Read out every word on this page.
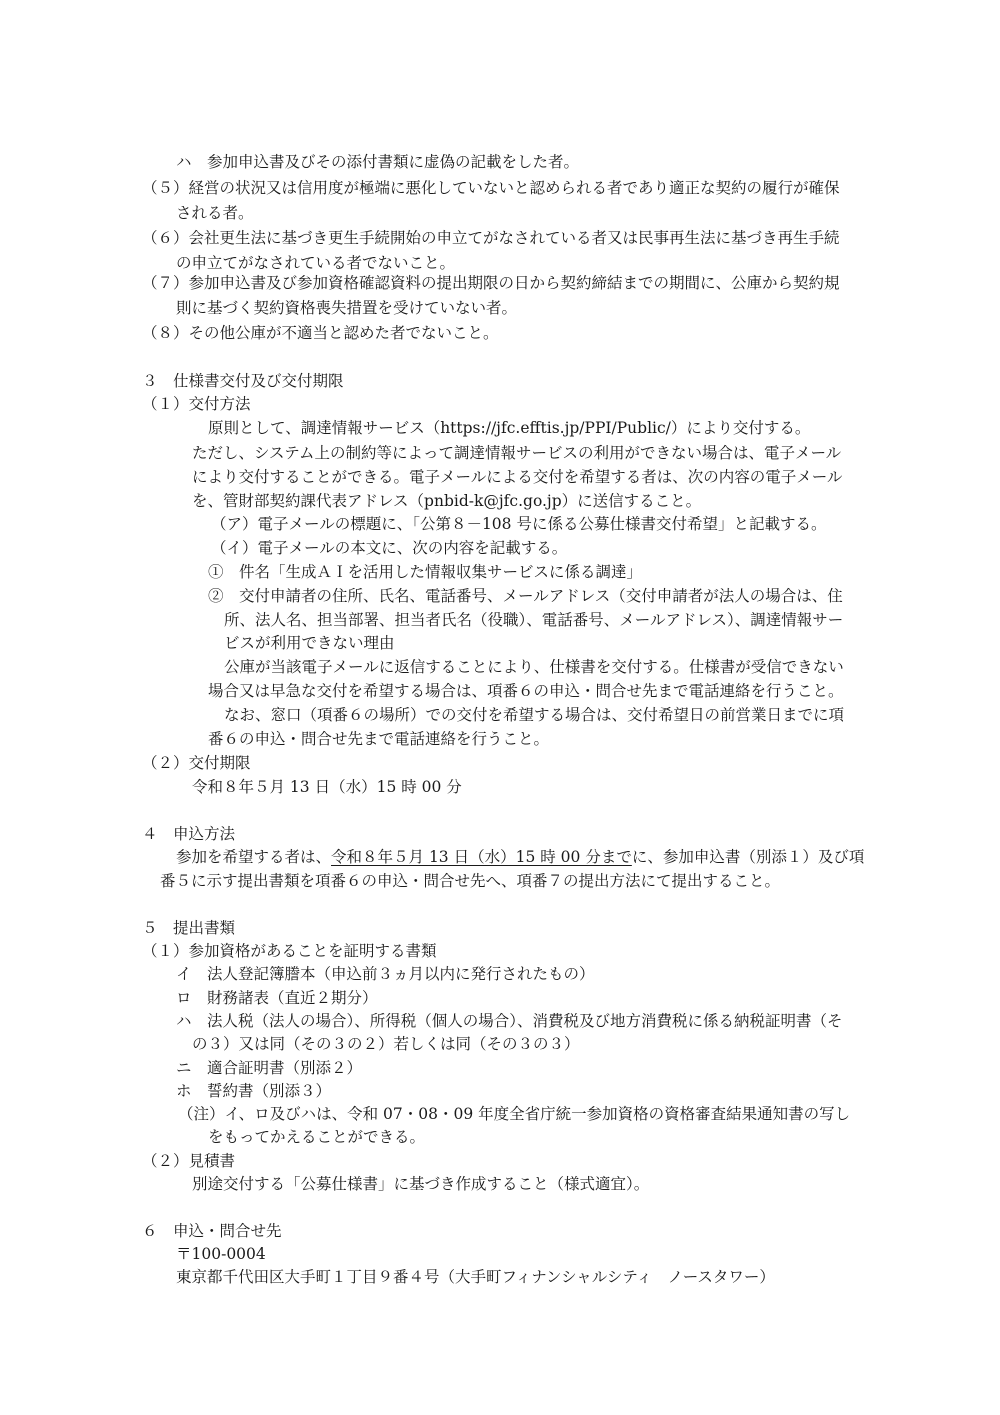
ハ　参加申込書及びその添付書類に虚偽の記載をした者。
（５）経営の状況又は信用度が極端に悪化していないと認められる者であり適正な契約の履行が確保
される者。
（６）会社更生法に基づき更生手続開始の申立てがなされている者又は民事再生法に基づき再生手続
の申立てがなされている者でないこと。
（７）参加申込書及び参加資格確認資料の提出期限の日から契約締結までの期間に、公庫から契約規
則に基づく契約資格喪失措置を受けていない者。
（８）その他公庫が不適当と認めた者でないこと。
３　仕様書交付及び交付期限
（１）交付方法
原則として、調達情報サービス（https://jfc.efftis.jp/PPI/Public/）により交付する。
ただし、システム上の制約等によって調達情報サービスの利用ができない場合は、電子メール
により交付することができる。電子メールによる交付を希望する者は、次の内容の電子メール
を、管財部契約課代表アドレス（pnbid-k@jfc.go.jp）に送信すること。
（ア）電子メールの標題に、「公第８－108 号に係る公募仕様書交付希望」と記載する。
（イ）電子メールの本文に、次の内容を記載する。
①　件名「生成ＡＩを活用した情報収集サービスに係る調達」
②　交付申請者の住所、氏名、電話番号、メールアドレス（交付申請者が法人の場合は、住
所、法人名、担当部署、担当者氏名（役職）、電話番号、メールアドレス）、調達情報サー
ビスが利用できない理由
公庫が当該電子メールに返信することにより、仕様書を交付する。仕様書が受信できない
場合又は早急な交付を希望する場合は、項番６の申込・問合せ先まで電話連絡を行うこと。
なお、窓口（項番６の場所）での交付を希望する場合は、交付希望日の前営業日までに項
番６の申込・問合せ先まで電話連絡を行うこと。
（２）交付期限
令和８年５月 13 日（水）15 時 00 分
４　申込方法
参加を希望する者は、令和８年５月 13 日（水）15 時 00 分までに、参加申込書（別添１）及び項
番５に示す提出書類を項番６の申込・問合せ先へ、項番７の提出方法にて提出すること。
５　提出書類
（１）参加資格があることを証明する書類
イ　法人登記簿謄本（申込前３ヵ月以内に発行されたもの）
ロ　財務諸表（直近２期分）
ハ　法人税（法人の場合）、所得税（個人の場合）、消費税及び地方消費税に係る納税証明書（そ
の３）又は同（その３の２）若しくは同（その３の３）
ニ　適合証明書（別添２）
ホ　誓約書（別添３）
（注）イ、ロ及びハは、令和 07・08・09 年度全省庁統一参加資格の資格審査結果通知書の写し
をもってかえることができる。
（２）見積書
別途交付する「公募仕様書」に基づき作成すること（様式適宜）。
６　申込・問合せ先
〒100-0004
東京都千代田区大手町１丁目９番４号（大手町フィナンシャルシティ　ノースタワー）
